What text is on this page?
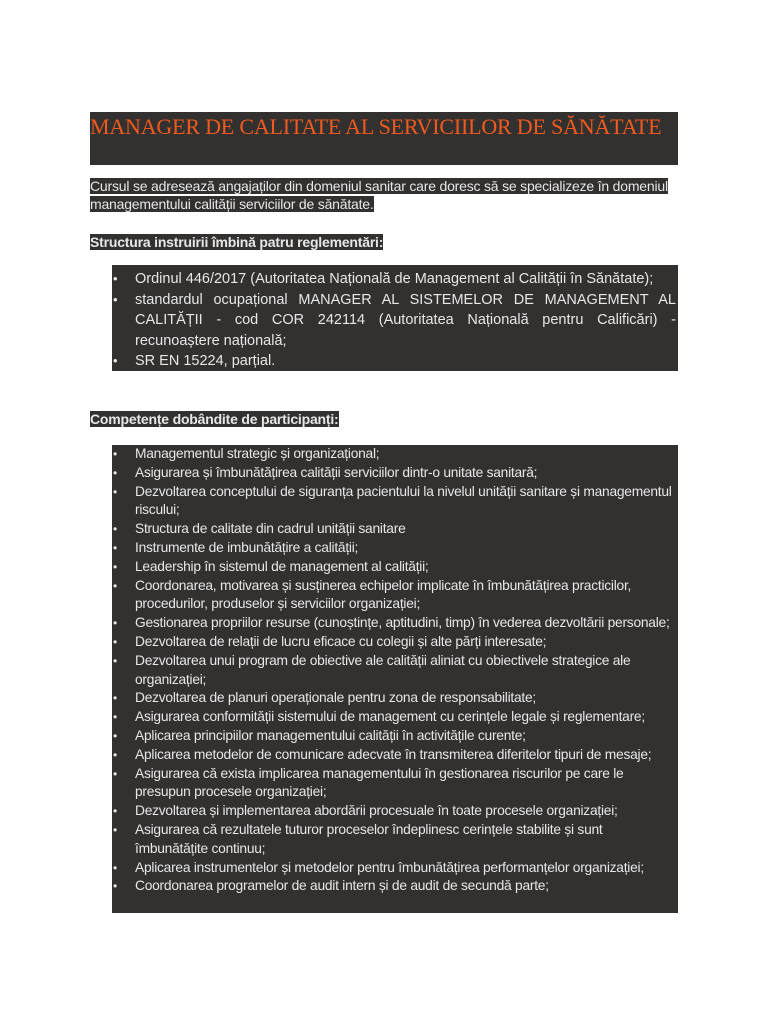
MANAGER DE CALITATE AL SERVICIILOR DE SĂNĂTATE
Cursul se adresează angajaților din domeniul sanitar care doresc să se specializeze în domeniul managementului calității serviciilor de sănătate.
Structura instruirii îmbină patru reglementări:
• Ordinul 446/2017 (Autoritatea Națională de Management al Calității în Sănătate);
• standardul ocupațional MANAGER AL SISTEMELOR DE MANAGEMENT AL CALITĂȚII - cod COR 242114 (Autoritatea Națională pentru Calificări) - recunoaștere națională;
• SR EN 15224, parțial.
Competențe dobândite de participanți:
• Managementul strategic și organizațional;
• Asigurarea și îmbunătățirea calității serviciilor dintr-o unitate sanitară;
• Dezvoltarea conceptului de siguranța pacientului la nivelul unității sanitare și managementul riscului;
• Structura de calitate din cadrul unității sanitare
• Instrumente de imbunătățire a calității;
• Leadership în sistemul de management al calității;
• Coordonarea, motivarea și susținerea echipelor implicate în îmbunătățirea practicilor, procedurilor, produselor și serviciilor organizației;
• Gestionarea propriilor resurse (cunoștințe, aptitudini, timp) în vederea dezvoltării personale;
• Dezvoltarea de relații de lucru eficace cu colegii și alte părți interesate;
• Dezvoltarea unui program de obiective ale calității aliniat cu obiectivele strategice ale organizației;
• Dezvoltarea de planuri operaționale pentru zona de responsabilitate;
• Asigurarea conformității sistemului de management cu cerințele legale și reglementare;
• Aplicarea principiilor managementului calității în activitățile curente;
• Aplicarea metodelor de comunicare adecvate în transmiterea diferitelor tipuri de mesaje;
• Asigurarea că exista implicarea managementului în gestionarea riscurilor pe care le presupun procesele organizației;
• Dezvoltarea și implementarea abordării procesuale în toate procesele organizației;
• Asigurarea că rezultatele tuturor proceselor îndeplinesc cerințele stabilite și sunt îmbunătățite continuu;
• Aplicarea instrumentelor și metodelor pentru îmbunătățirea performanțelor organizației;
• Coordonarea programelor de audit intern și de audit de secundă parte;
